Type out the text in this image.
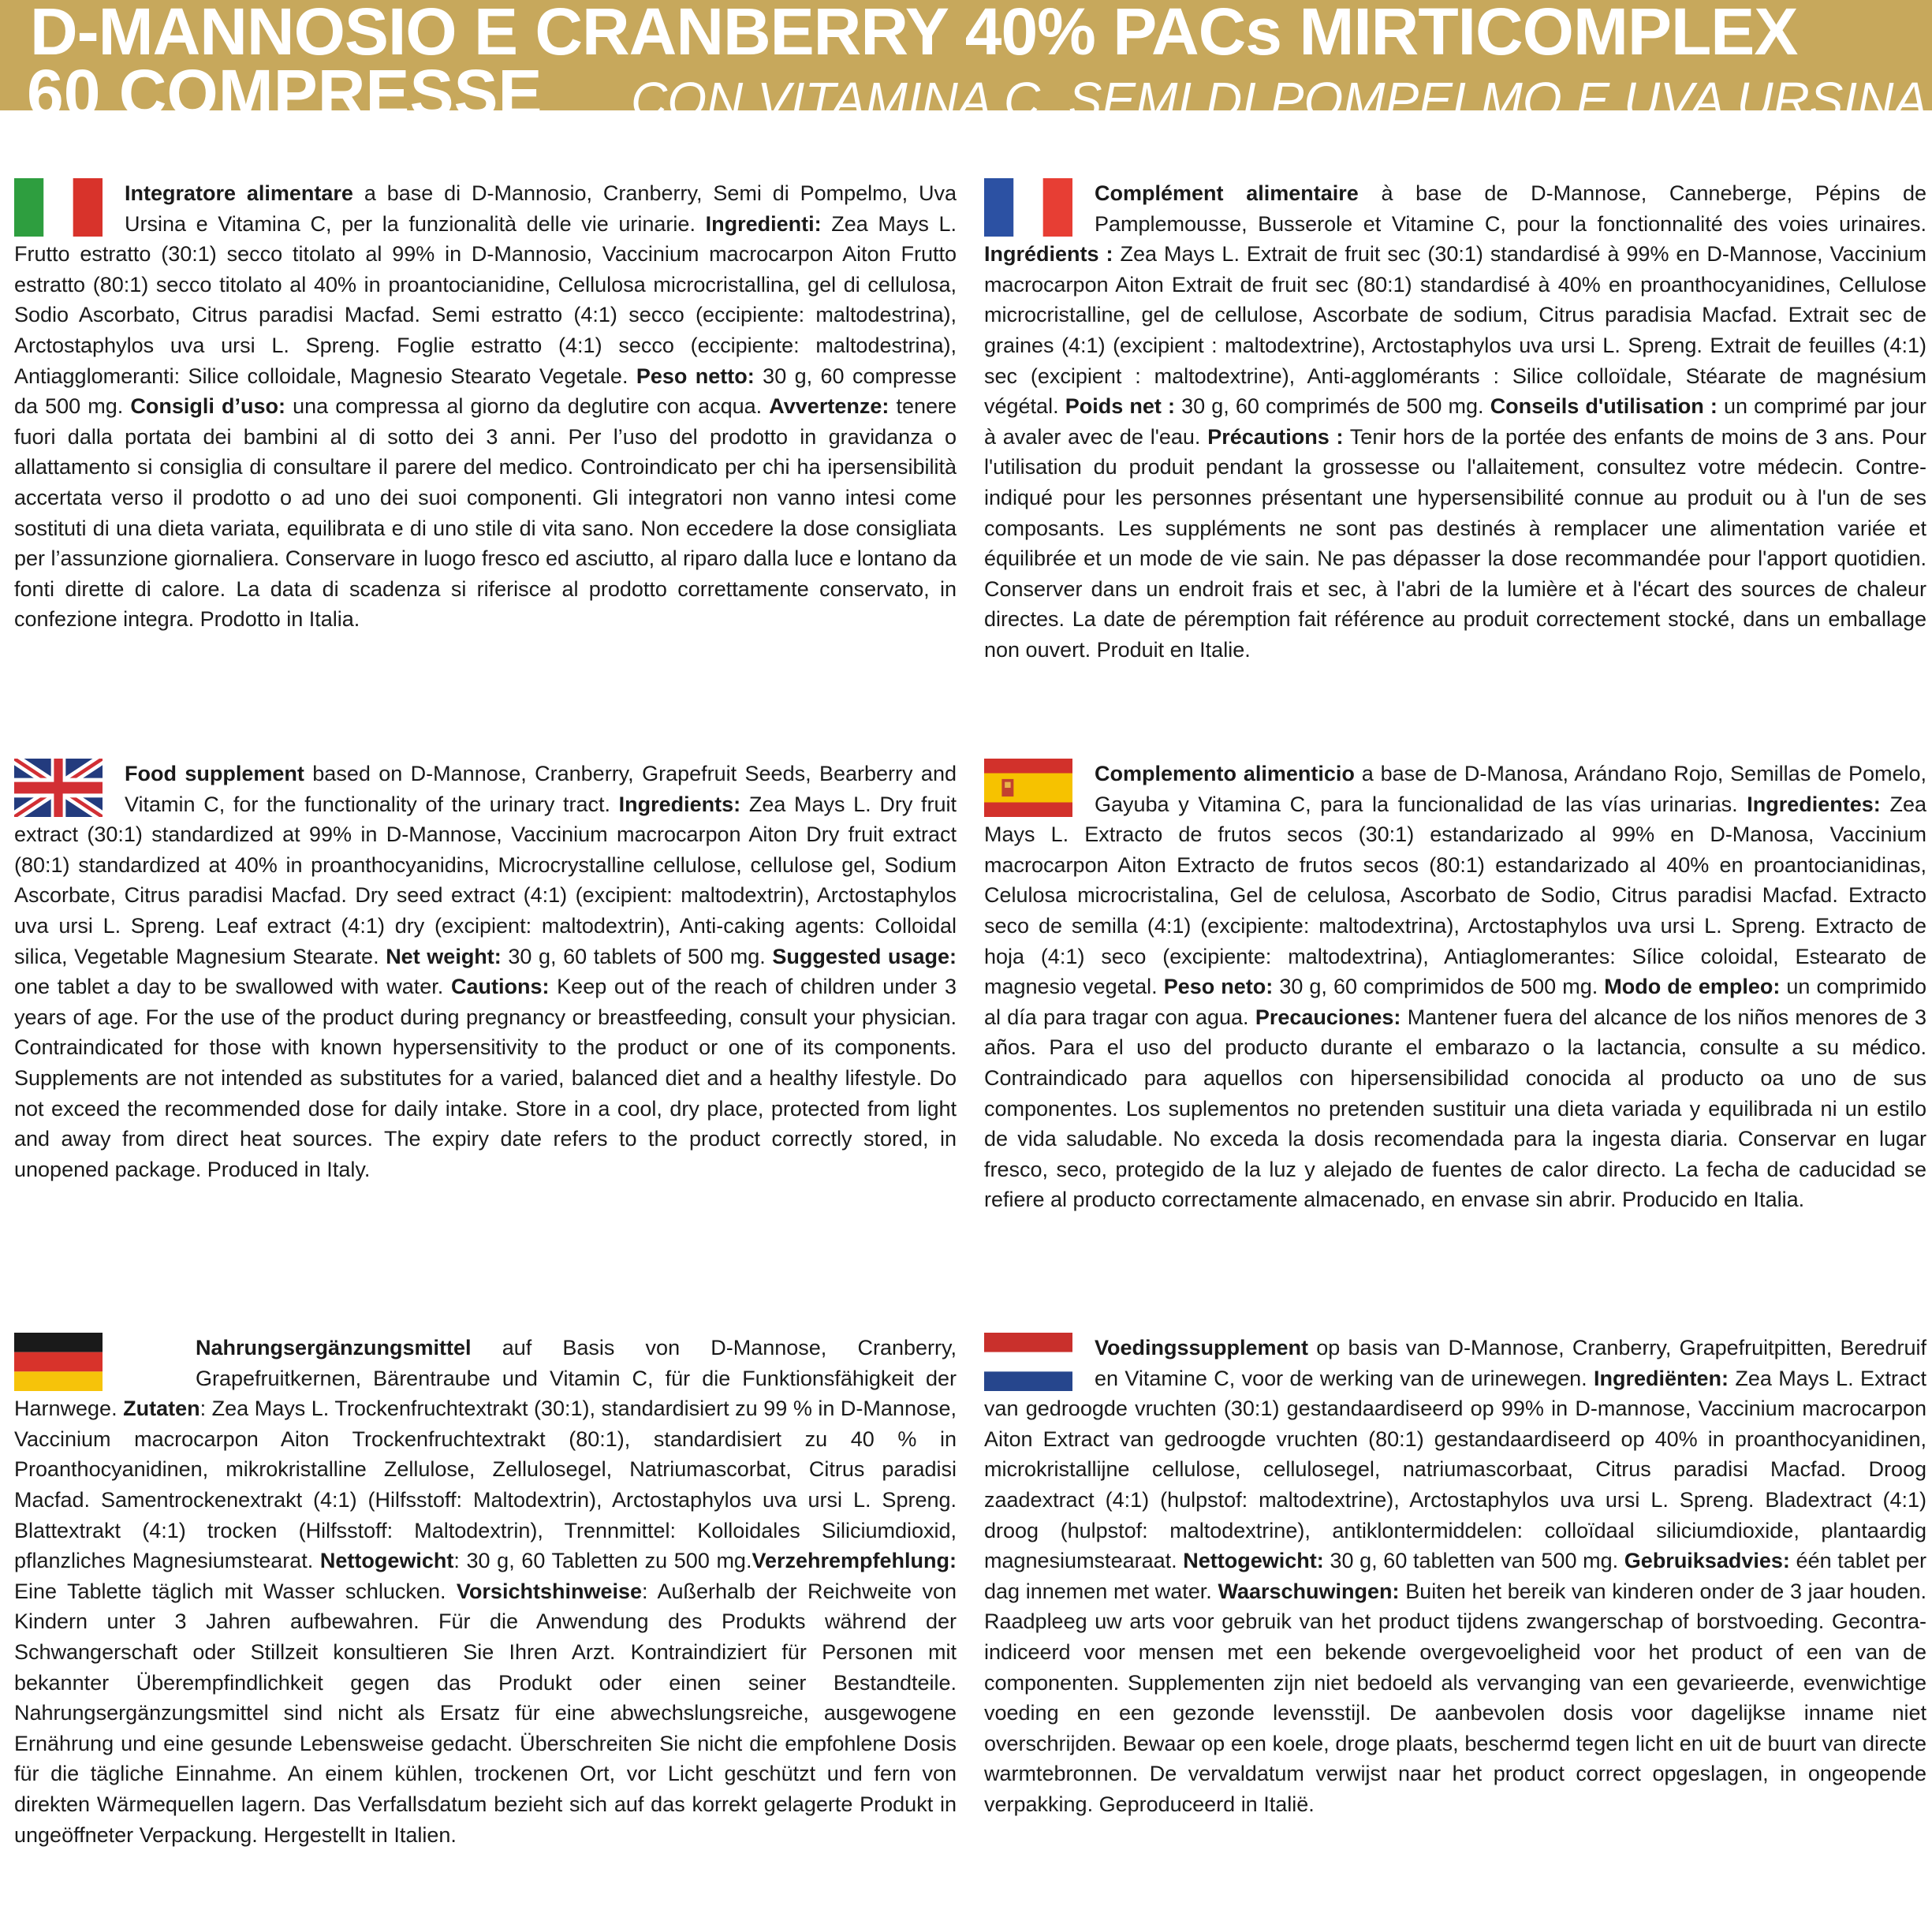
D-MANNOSIO E CRANBERRY 40% PACs MIRTICOMPLEX
60 COMPRESSE CON VITAMINA C, SEMI DI POMPELMO E UVA URSINA
Integratore alimentare a base di D-Mannosio, Cranberry, Semi di Pompelmo, Uva Ursina e Vitamina C, per la funzionalità delle vie urinarie. Ingredienti: Zea Mays L. Frutto estratto (30:1) secco titolato al 99% in D-Mannosio, Vaccinium macrocarpon Aiton Frutto estratto (80:1) secco titolato al 40% in proantocianidine, Cellulosa microcristallina, gel di cellulosa, Sodio Ascorbato, Citrus paradisi Macfad. Semi estratto (4:1) secco (eccipiente: maltodestrina), Arctostaphylos uva ursi L. Spreng. Foglie estratto (4:1) secco (eccipiente: maltodestrina), Antiagglomeranti: Silice colloidale, Magnesio Stearato Vegetale. Peso netto: 30 g, 60 compresse da 500 mg. Consigli d’uso: una compressa al giorno da deglutire con acqua. Avvertenze: tenere fuori dalla portata dei bambini al di sotto dei 3 anni. Per l’uso del prodotto in gravidanza o allattamento si consiglia di consultare il parere del medico. Controindicato per chi ha ipersensibilità accertata verso il prodotto o ad uno dei suoi componenti. Gli integratori non vanno intesi come sostituti di una dieta variata, equilibrata e di uno stile di vita sano. Non eccedere la dose consigliata per l’assunzione giornaliera. Conservare in luogo fresco ed asciutto, al riparo dalla luce e lontano da fonti dirette di calore. La data di scadenza si riferisce al prodotto correttamente conservato, in confezione integra. Prodotto in Italia.
Complément alimentaire à base de D-Mannose, Canneberge, Pépins de Pamplemousse, Busserole et Vitamine C, pour la fonctionnalité des voies urinaires. Ingrédients : Zea Mays L. Extrait de fruit sec (30:1) standardisé à 99% en D-Mannose, Vaccinium macrocarpon Aiton Extrait de fruit sec (80:1) standardisé à 40% en proanthocyanidines, Cellulose microcristalline, gel de cellulose, Ascorbate de sodium, Citrus paradisia Macfad. Extrait sec de graines (4:1) (excipient : maltodextrine), Arctostaphylos uva ursi L. Spreng. Extrait de feuilles (4:1) sec (excipient : maltodextrine), Anti-agglomérants : Silice colloïdale, Stéarate de magnésium végétal. Poids net : 30 g, 60 comprimés de 500 mg. Conseils d'utilisation : un comprimé par jour à avaler avec de l'eau. Précautions : Tenir hors de la portée des enfants de moins de 3 ans. Pour l'utilisation du produit pendant la grossesse ou l'allaitement, consultez votre médecin. Contre-indiqué pour les personnes présentant une hypersensibilité connue au produit ou à l'un de ses composants. Les suppléments ne sont pas destinés à remplacer une alimentation variée et équilibrée et un mode de vie sain. Ne pas dépasser la dose recommandée pour l'apport quotidien. Conserver dans un endroit frais et sec, à l'abri de la lumière et à l'écart des sources de chaleur directes. La date de péremption fait référence au produit correctement stocké, dans un emballage non ouvert. Produit en Italie.
Food supplement based on D-Mannose, Cranberry, Grapefruit Seeds, Bearberry and Vitamin C, for the functionality of the urinary tract. Ingredients: Zea Mays L. Dry fruit extract (30:1) standardized at 99% in D-Mannose, Vaccinium macrocarpon Aiton Dry fruit extract (80:1) standardized at 40% in proanthocyanidins, Microcrystalline cellulose, cellulose gel, Sodium Ascorbate, Citrus paradisi Macfad. Dry seed extract (4:1) (excipient: maltodextrin), Arctostaphylos uva ursi L. Spreng. Leaf extract (4:1) dry (excipient: maltodextrin), Anti-caking agents: Colloidal silica, Vegetable Magnesium Stearate. Net weight: 30 g, 60 tablets of 500 mg. Suggested usage: one tablet a day to be swallowed with water. Cautions: Keep out of the reach of children under 3 years of age. For the use of the product during pregnancy or breastfeeding, consult your physician. Contraindicated for those with known hypersensitivity to the product or one of its components. Supplements are not intended as substitutes for a varied, balanced diet and a healthy lifestyle. Do not exceed the recommended dose for daily intake. Store in a cool, dry place, protected from light and away from direct heat sources. The expiry date refers to the product correctly stored, in unopened package. Produced in Italy.
Complemento alimenticio a base de D-Manosa, Arándano Rojo, Semillas de Pomelo, Gayuba y Vitamina C, para la funcionalidad de las vías urinarias. Ingredientes: Zea Mays L. Extracto de frutos secos (30:1) estandarizado al 99% en D-Manosa, Vaccinium macrocarpon Aiton Extracto de frutos secos (80:1) estandarizado al 40% en proantocianidinas, Celulosa microcristalina, Gel de celulosa, Ascorbato de Sodio, Citrus paradisi Macfad. Extracto seco de semilla (4:1) (excipiente: maltodextrina), Arctostaphylos uva ursi L. Spreng. Extracto de hoja (4:1) seco (excipiente: maltodextrina), Antiaglomerantes: Sílice coloidal, Estearato de magnesio vegetal. Peso neto: 30 g, 60 comprimidos de 500 mg. Modo de empleo: un comprimido al día para tragar con agua. Precauciones: Mantener fuera del alcance de los niños menores de 3 años. Para el uso del producto durante el embarazo o la lactancia, consulte a su médico. Contraindicado para aquellos con hipersensibilidad conocida al producto oa uno de sus componentes. Los suplementos no pretenden sustituir una dieta variada y equilibrada ni un estilo de vida saludable. No exceda la dosis recomendada para la ingesta diaria. Conservar en lugar fresco, seco, protegido de la luz y alejado de fuentes de calor directo. La fecha de caducidad se refiere al producto correctamente almacenado, en envase sin abrir. Producido en Italia.
Nahrungsergänzungsmittel auf Basis von D-Mannose, Cranberry, Grapefruitkernen, Bärentraube und Vitamin C, für die Funktionsfähigkeit der Harnwege. Zutaten: Zea Mays L. Trockenfruchtextrakt (30:1), standardisiert zu 99 % in D-Mannose, Vaccinium macrocarpon Aiton Trockenfruchtextrakt (80:1), standardisiert zu 40 % in Proanthocyanidinen, mikrokristalline Zellulose, Zellulosegel, Natriumascorbat, Citrus paradisi Macfad. Samentrockenextrakt (4:1) (Hilfsstoff: Maltodextrin), Arctostaphylos uva ursi L. Spreng. Blattextrakt (4:1) trocken (Hilfsstoff: Maltodextrin), Trennmittel: Kolloidales Siliciumdioxid, pflanzliches Magnesiumstearat. Nettogewicht: 30 g, 60 Tabletten zu 500 mg.Verzehrempfehlung: Eine Tablette täglich mit Wasser schlucken. Vorsichtshinweise: Außerhalb der Reichweite von Kindern unter 3 Jahren aufbewahren. Für die Anwendung des Produkts während der Schwangerschaft oder Stillzeit konsultieren Sie Ihren Arzt. Kontraindiziert für Personen mit bekannter Überempfindlichkeit gegen das Produkt oder einen seiner Bestandteile. Nahrungsergänzungsmittel sind nicht als Ersatz für eine abwechslungsreiche, ausgewogene Ernährung und eine gesunde Lebensweise gedacht. Überschreiten Sie nicht die empfohlene Dosis für die tägliche Einnahme. An einem kühlen, trockenen Ort, vor Licht geschützt und fern von direkten Wärmequellen lagern. Das Verfallsdatum bezieht sich auf das korrekt gelagerte Produkt in ungeöffneter Verpackung. Hergestellt in Italien.
Voedingssupplement op basis van D-Mannose, Cranberry, Grapefruitpitten, Beredruif en Vitamine C, voor de werking van de urinewegen. Ingrediënten: Zea Mays L. Extract van gedroogde vruchten (30:1) gestandaardiseerd op 99% in D-mannose, Vaccinium macrocarpon Aiton Extract van gedroogde vruchten (80:1) gestandaardiseerd op 40% in proanthocyanidinen, microkristallijne cellulose, cellulosegel, natriumascorbaat, Citrus paradisi Macfad. Droog zaadextract (4:1) (hulpstof: maltodextrine), Arctostaphylos uva ursi L. Spreng. Bladextract (4:1) droog (hulpstof: maltodextrine), antiklontermiddelen: colloïdaal siliciumdioxide, plantaardig magnesiumstearaat. Nettogewicht: 30 g, 60 tabletten van 500 mg. Gebruiksadvies: één tablet per dag innemen met water. Waarschuwingen: Buiten het bereik van kinderen onder de 3 jaar houden. Raadpleeg uw arts voor gebruik van het product tijdens zwangerschap of borstvoeding. Gecontra-indiceerd voor mensen met een bekende overgevoeligheid voor het product of een van de componenten. Supplementen zijn niet bedoeld als vervanging van een gevarieerde, evenwichtige voeding en een gezonde levensstijl. De aanbevolen dosis voor dagelijkse inname niet overschrijden. Bewaar op een koele, droge plaats, beschermd tegen licht en uit de buurt van directe warmtebronnen. De vervaldatum verwijst naar het product correct opgeslagen, in ongeopende verpakking. Geproduceerd in Italië.
